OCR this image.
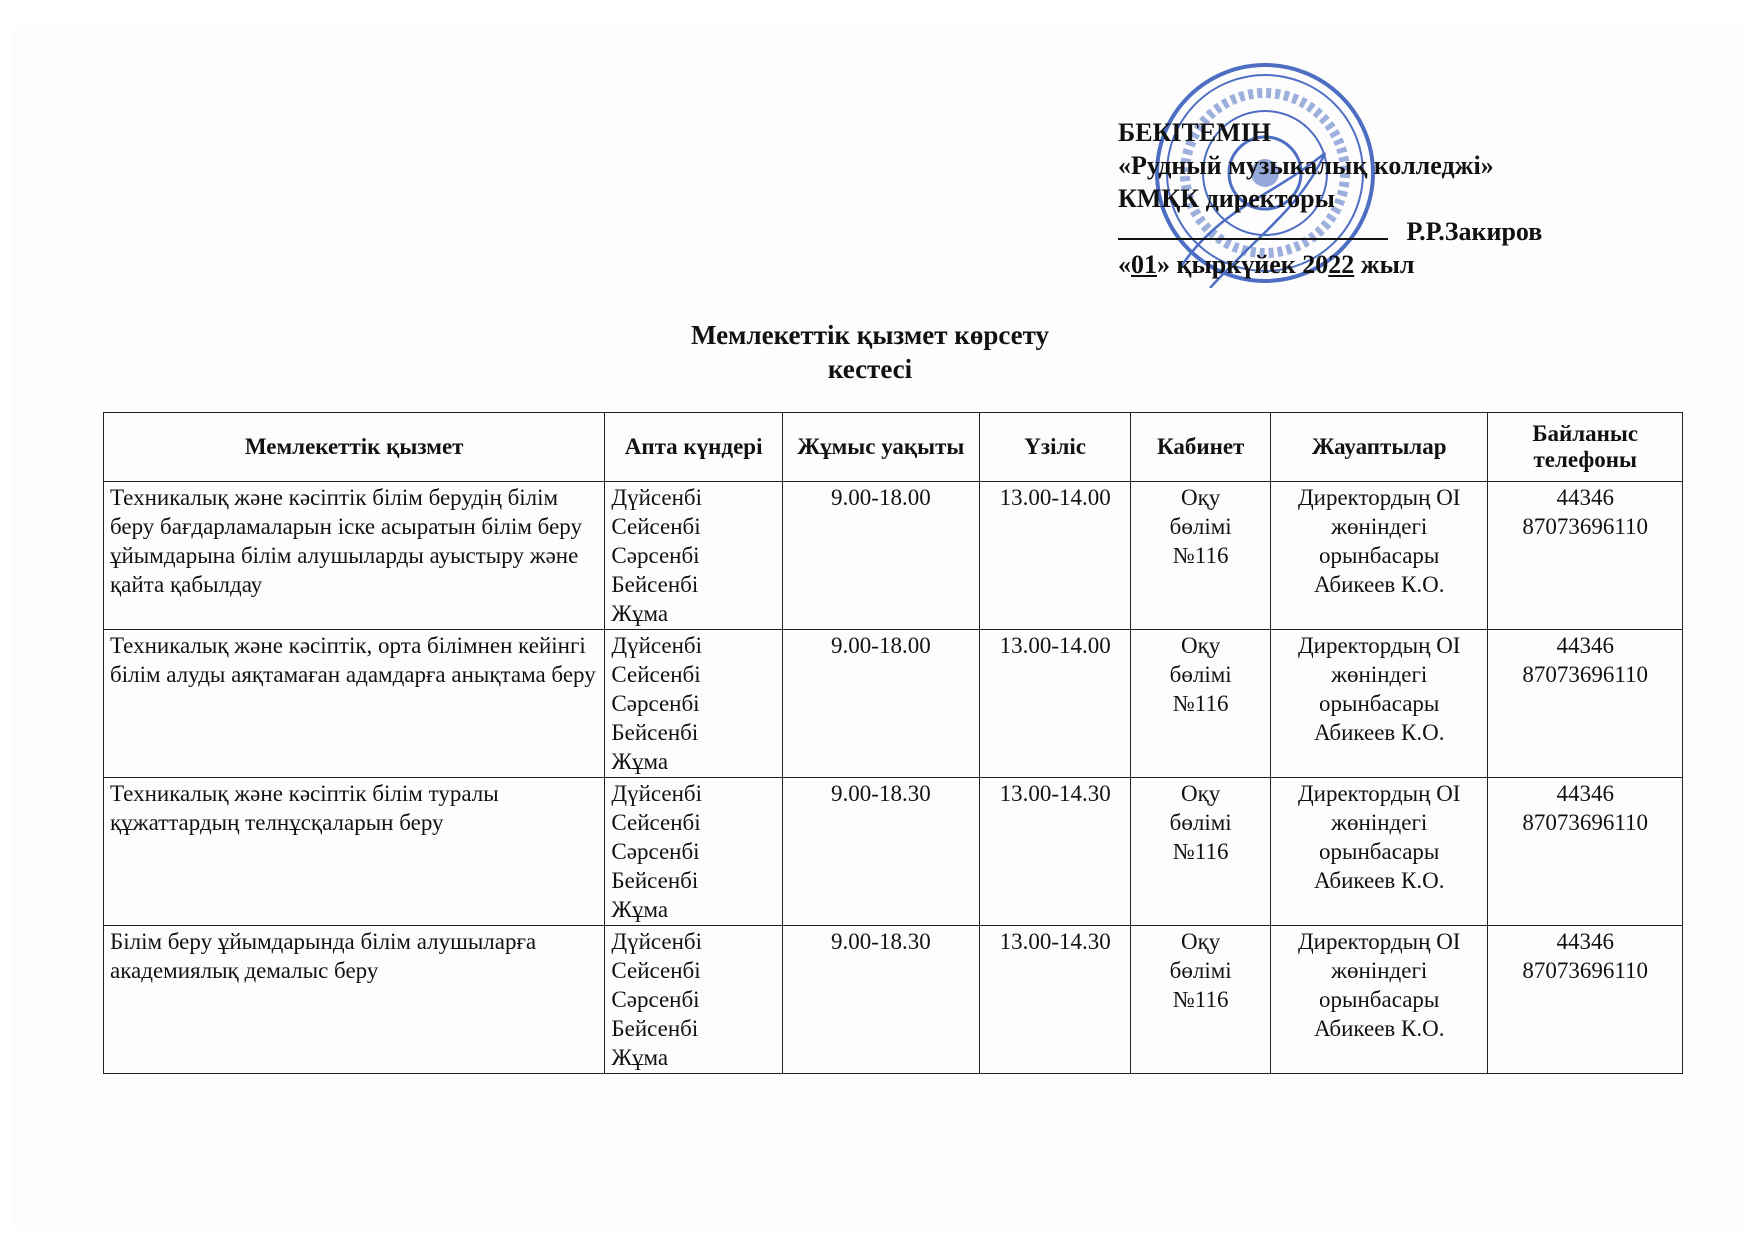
БЕКІТЕМІН
«Рудный музыкалық колледжі»
КМҚК директоры
Р.Р.Закиров
«01» қыркүйек 2022 жыл
Мемлекеттік қызмет көрсету
кестесі
Мемлекеттік қызмет	Апта күндері	Жұмыс уақыты	Үзіліс	Кабинет	Жауаптылар	Байланыс телефоны
Техникалық және кәсіптік білім берудің білім беру бағдарламаларын іске асыратын білім беру ұйымдарына білім алушыларды ауыстыру және қайта қабылдау	Дүйсенбі
Сейсенбі
Сәрсенбі
Бейсенбі
Жұма	9.00-18.00	13.00-14.00	Оқу
бөлімі
№116	Директордың ОІ
жөніндегі
орынбасары
Абикеев К.О.	44346
87073696110

Техникалық және кәсіптік, орта білімнен кейінгі білім алуды аяқтамаған адамдарға анықтама беру	Дүйсенбі
Сейсенбі
Сәрсенбі
Бейсенбі
Жұма	9.00-18.00	13.00-14.00	Оқу
бөлімі
№116	Директордың ОІ
жөніндегі
орынбасары
Абикеев К.О.	44346
87073696110

Техникалық және кәсіптік білім туралы құжаттардың телнұсқаларын беру	Дүйсенбі
Сейсенбі
Сәрсенбі
Бейсенбі
Жұма	9.00-18.30	13.00-14.30	Оқу
бөлімі
№116	Директордың ОІ
жөніндегі
орынбасары
Абикеев К.О.	44346
87073696110

Білім беру ұйымдарында білім алушыларға академиялық демалыс беру	Дүйсенбі
Сейсенбі
Сәрсенбі
Бейсенбі
Жұма	9.00-18.30	13.00-14.30	Оқу
бөлімі
№116	Директордың ОІ
жөніндегі
орынбасары
Абикеев К.О.	44346
87073696110
